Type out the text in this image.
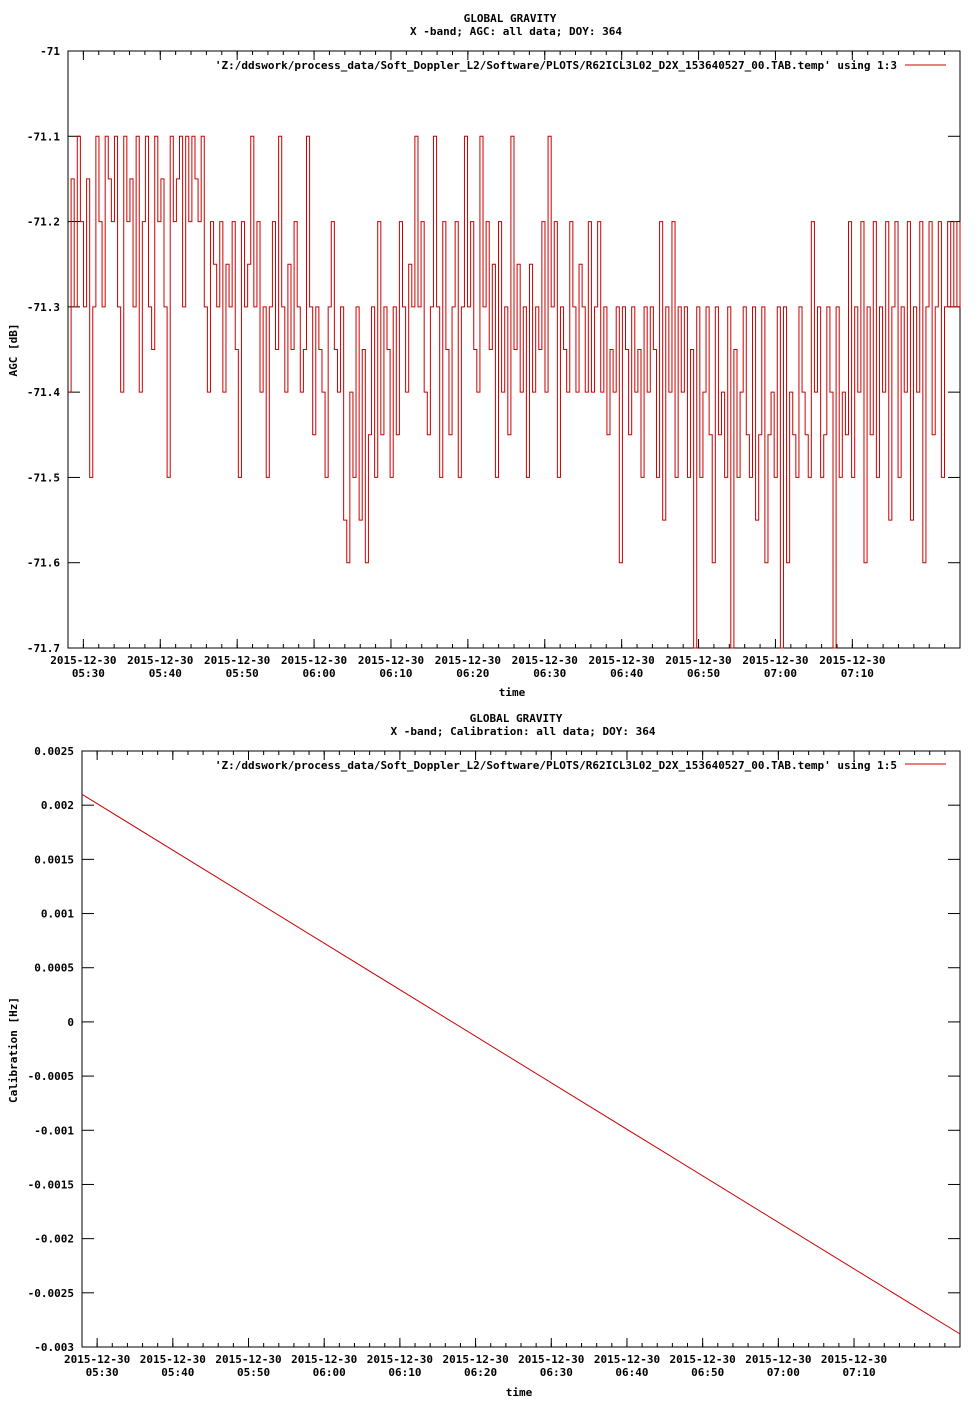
GLOBAL GRAVITY
X -band; AGC: all data; DOY: 364
'Z:/ddswork/process_data/Soft_Doppler_L2/Software/PLOTS/R62ICL3L02_D2X_153640527_00.TAB.temp' using 1:3
time
AGC [dB]
-71
-71.1
-71.2
-71.3
-71.4
-71.5
-71.6
-71.7
2015-12-30
05:30
2015-12-30
05:40
2015-12-30
05:50
2015-12-30
06:00
2015-12-30
06:10
2015-12-30
06:20
2015-12-30
06:30
2015-12-30
06:40
2015-12-30
06:50
2015-12-30
07:00
2015-12-30
07:10
GLOBAL GRAVITY
X -band; Calibration: all data; DOY: 364
'Z:/ddswork/process_data/Soft_Doppler_L2/Software/PLOTS/R62ICL3L02_D2X_153640527_00.TAB.temp' using 1:5
time
Calibration [Hz]
0.0025
0.002
0.0015
0.001
0.0005
0
-0.0005
-0.001
-0.0015
-0.002
-0.0025
-0.003
2015-12-30
05:30
2015-12-30
05:40
2015-12-30
05:50
2015-12-30
06:00
2015-12-30
06:10
2015-12-30
06:20
2015-12-30
06:30
2015-12-30
06:40
2015-12-30
06:50
2015-12-30
07:00
2015-12-30
07:10
